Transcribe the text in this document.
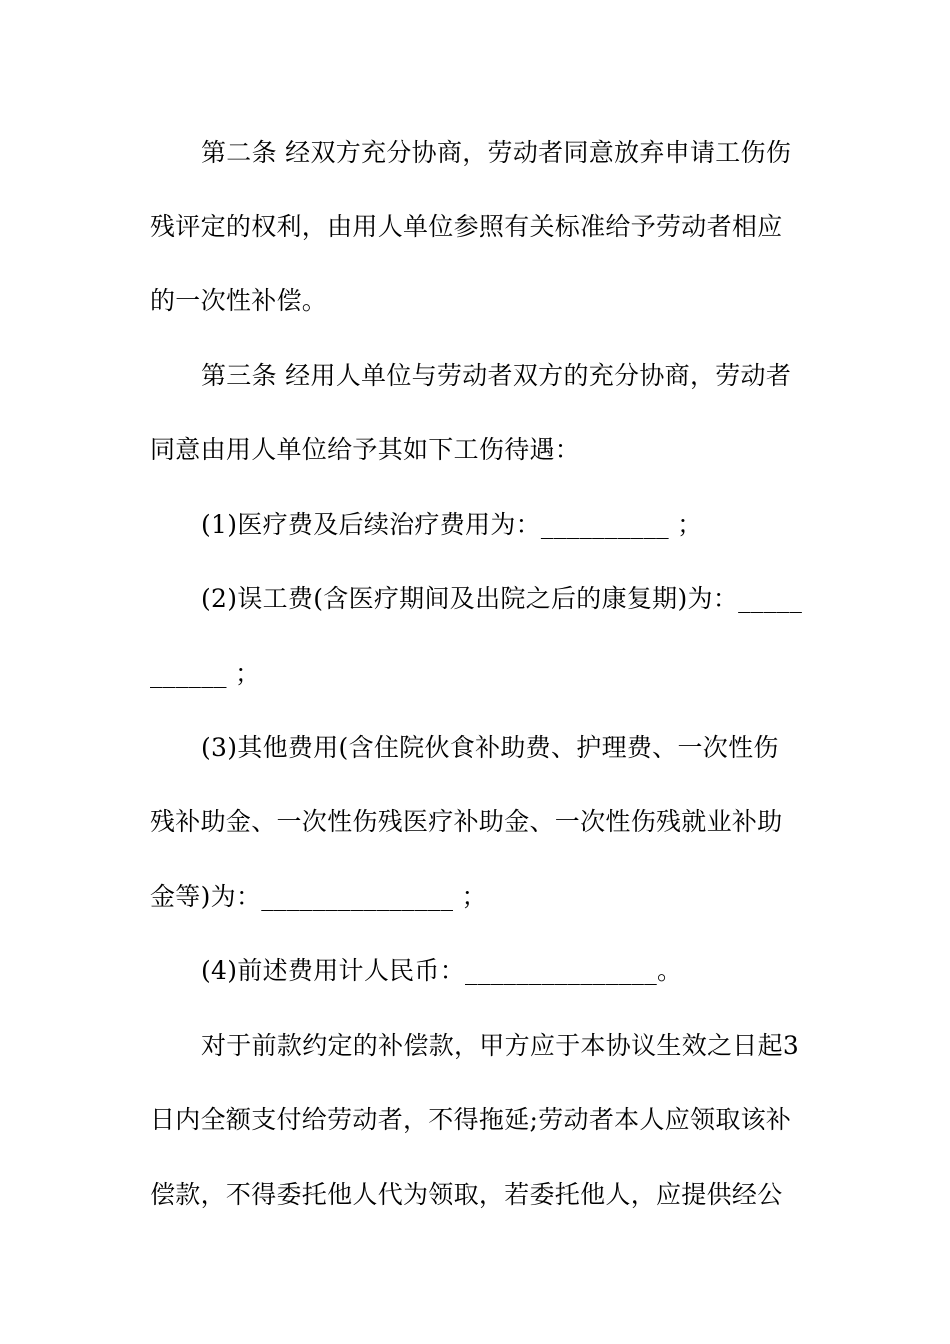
第二条 经双方充分协商，劳动者同意放弃申请工伤伤
残评定的权利，由用人单位参照有关标准给予劳动者相应
的一次性补偿。
第三条 经用人单位与劳动者双方的充分协商，劳动者
同意由用人单位给予其如下工伤待遇：
(1)医疗费及后续治疗费用为：__________ ；
(2)误工费(含医疗期间及出院之后的康复期)为：_____
______ ；
(3)其他费用(含住院伙食补助费、护理费、一次性伤
残补助金、一次性伤残医疗补助金、一次性伤残就业补助
金等)为：_______________ ；
(4)前述费用计人民币：_______________。
对于前款约定的补偿款，甲方应于本协议生效之日起3
日内全额支付给劳动者，不得拖延;劳动者本人应领取该补
偿款，不得委托他人代为领取，若委托他人，应提供经公
